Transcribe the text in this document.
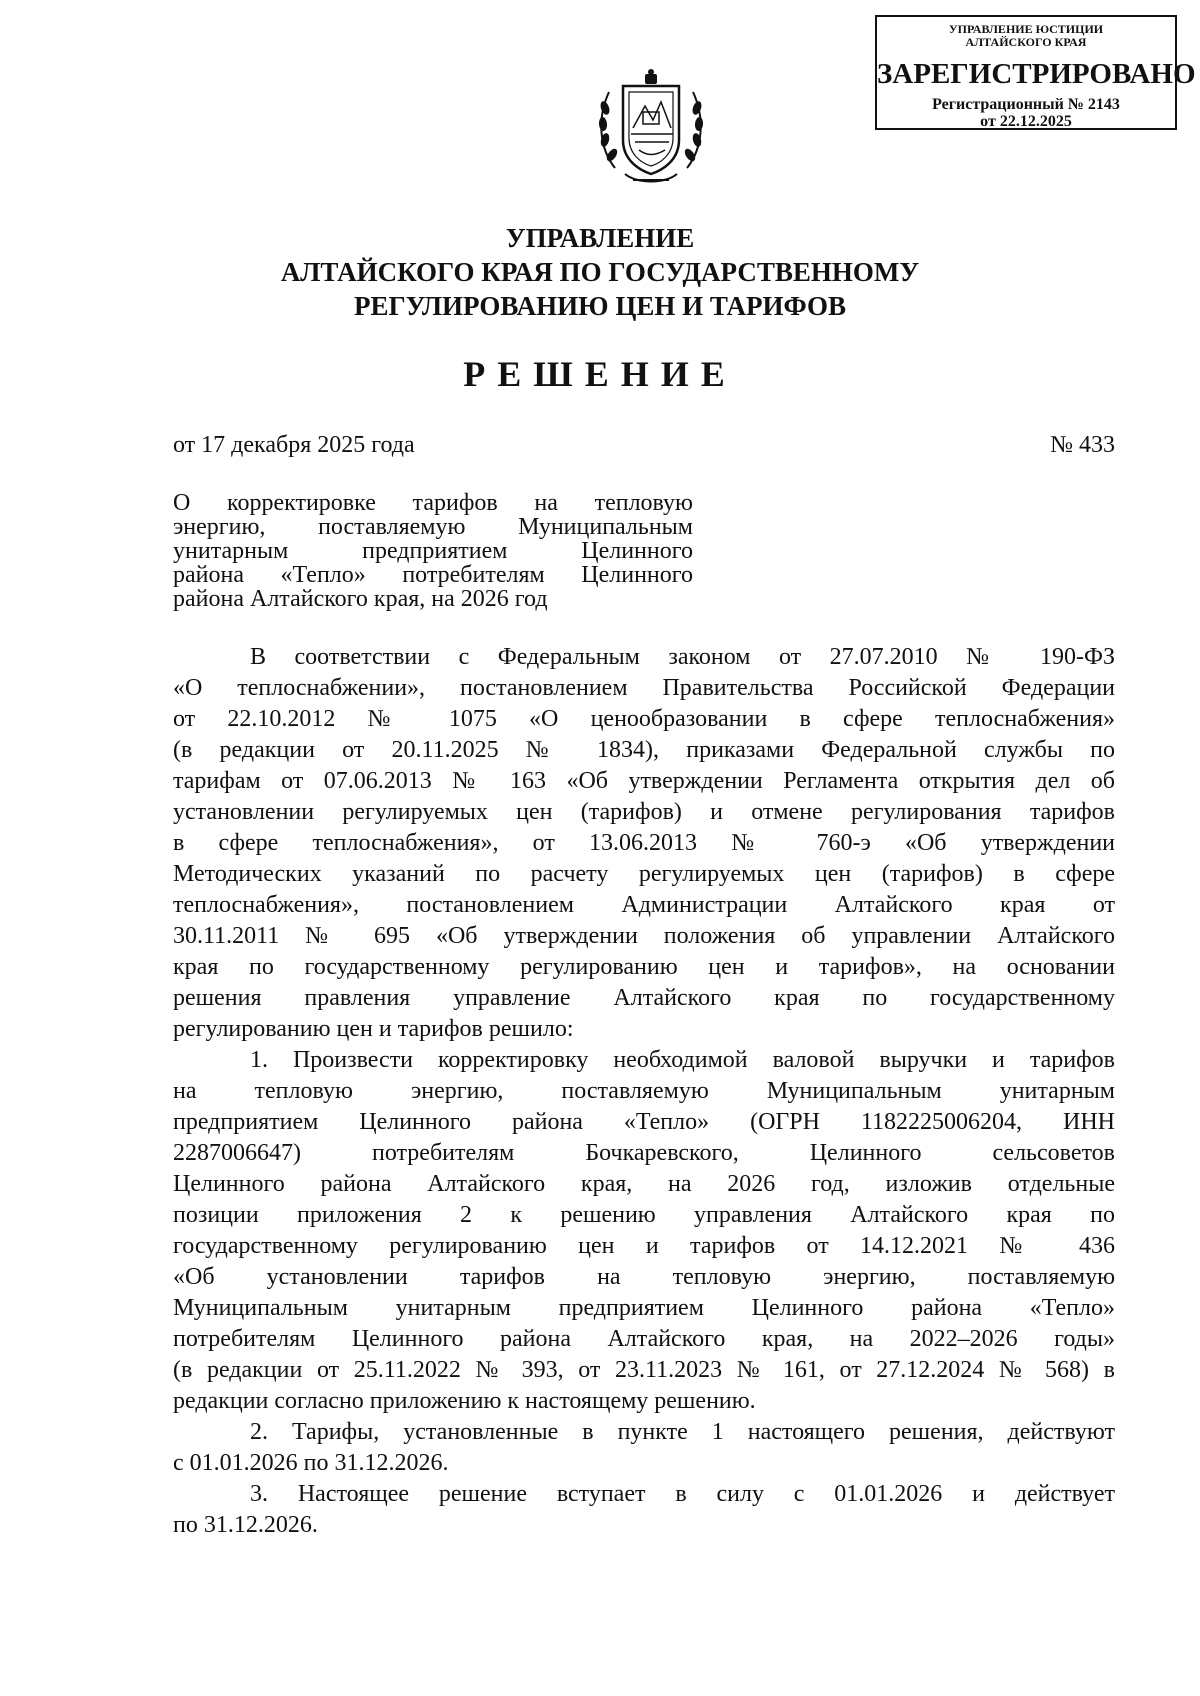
УПРАВЛЕНИЕ ЮСТИЦИИ
АЛТАЙСКОГО КРАЯ
ЗАРЕГИСТРИРОВАНО
Регистрационный № 2143
от 22.12.2025
УПРАВЛЕНИЕ
АЛТАЙСКОГО КРАЯ ПО ГОСУДАРСТВЕННОМУ
РЕГУЛИРОВАНИЮ ЦЕН И ТАРИФОВ
РЕШЕНИЕ
от 17 декабря 2025 года	№ 433
О корректировке тарифов на тепловую
энергию, поставляемую Муниципальным
унитарным предприятием Целинного
района «Тепло» потребителям Целинного
района Алтайского края, на 2026 год
В соответствии с Федеральным законом от 27.07.2010 № 190-ФЗ
«О теплоснабжении», постановлением Правительства Российской Федерации
от 22.10.2012 № 1075 «О ценообразовании в сфере теплоснабжения»
(в редакции от 20.11.2025 № 1834), приказами Федеральной службы по
тарифам от 07.06.2013 № 163 «Об утверждении Регламента открытия дел об
установлении регулируемых цен (тарифов) и отмене регулирования тарифов
в сфере теплоснабжения», от 13.06.2013 № 760-э «Об утверждении
Методических указаний по расчету регулируемых цен (тарифов) в сфере
теплоснабжения», постановлением Администрации Алтайского края от
30.11.2011 № 695 «Об утверждении положения об управлении Алтайского
края по государственному регулированию цен и тарифов», на основании
решения правления управление Алтайского края по государственному
регулированию цен и тарифов решило:
1. Произвести корректировку необходимой валовой выручки и тарифов
на тепловую энергию, поставляемую Муниципальным унитарным
предприятием Целинного района «Тепло» (ОГРН 1182225006204, ИНН
2287006647) потребителям Бочкаревского, Целинного сельсоветов
Целинного района Алтайского края, на 2026 год, изложив отдельные
позиции приложения 2 к решению управления Алтайского края по
государственному регулированию цен и тарифов от 14.12.2021 № 436
«Об установлении тарифов на тепловую энергию, поставляемую
Муниципальным унитарным предприятием Целинного района «Тепло»
потребителям Целинного района Алтайского края, на 2022–2026 годы»
(в редакции от 25.11.2022 № 393, от 23.11.2023 № 161, от 27.12.2024 № 568) в
редакции согласно приложению к настоящему решению.
2. Тарифы, установленные в пункте 1 настоящего решения, действуют
с 01.01.2026 по 31.12.2026.
3. Настоящее решение вступает в силу с 01.01.2026 и действует
по 31.12.2026.
